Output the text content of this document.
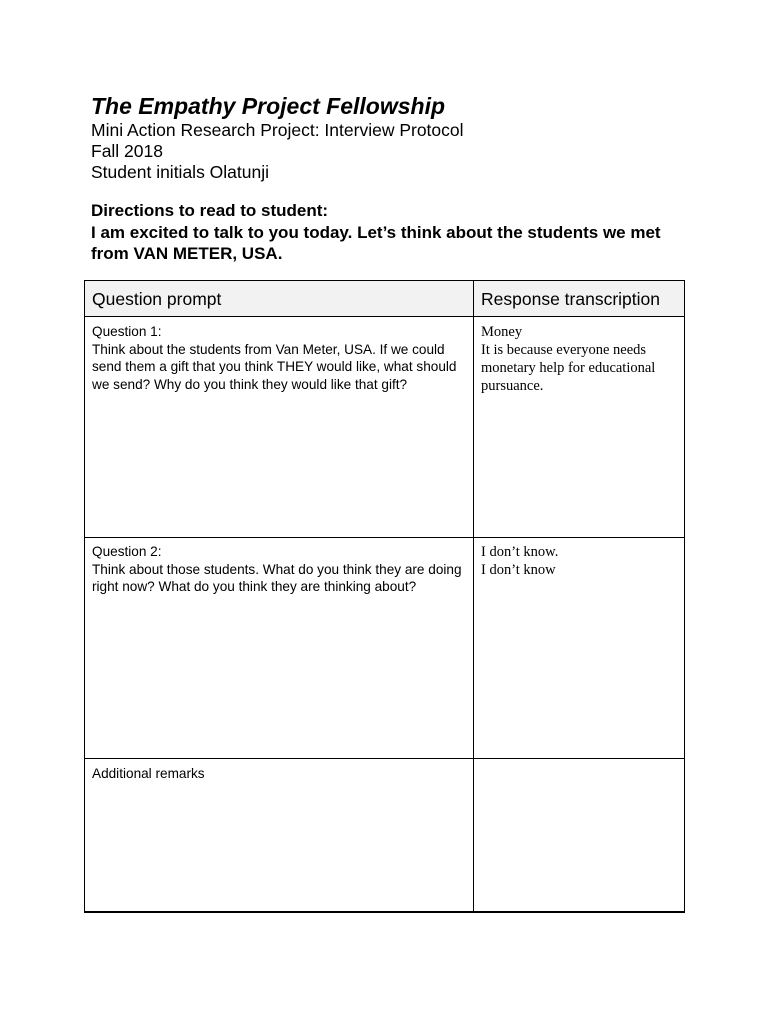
The Empathy Project Fellowship
Mini Action Research Project: Interview Protocol
Fall 2018
Student initials Olatunji
Directions to read to student:
I am excited to talk to you today. Let’s think about the students we met from VAN METER, USA.
Question prompt	Response transcription
Question 1:
Think about the students from Van Meter, USA. If we could send them a gift that you think THEY would like, what should we send? Why do you think they would like that gift?
Money
It is because everyone needs monetary help for educational pursuance.
Question 2:
Think about those students. What do you think they are doing right now? What do you think they are thinking about?
I don’t know.
I don’t know
Additional remarks
